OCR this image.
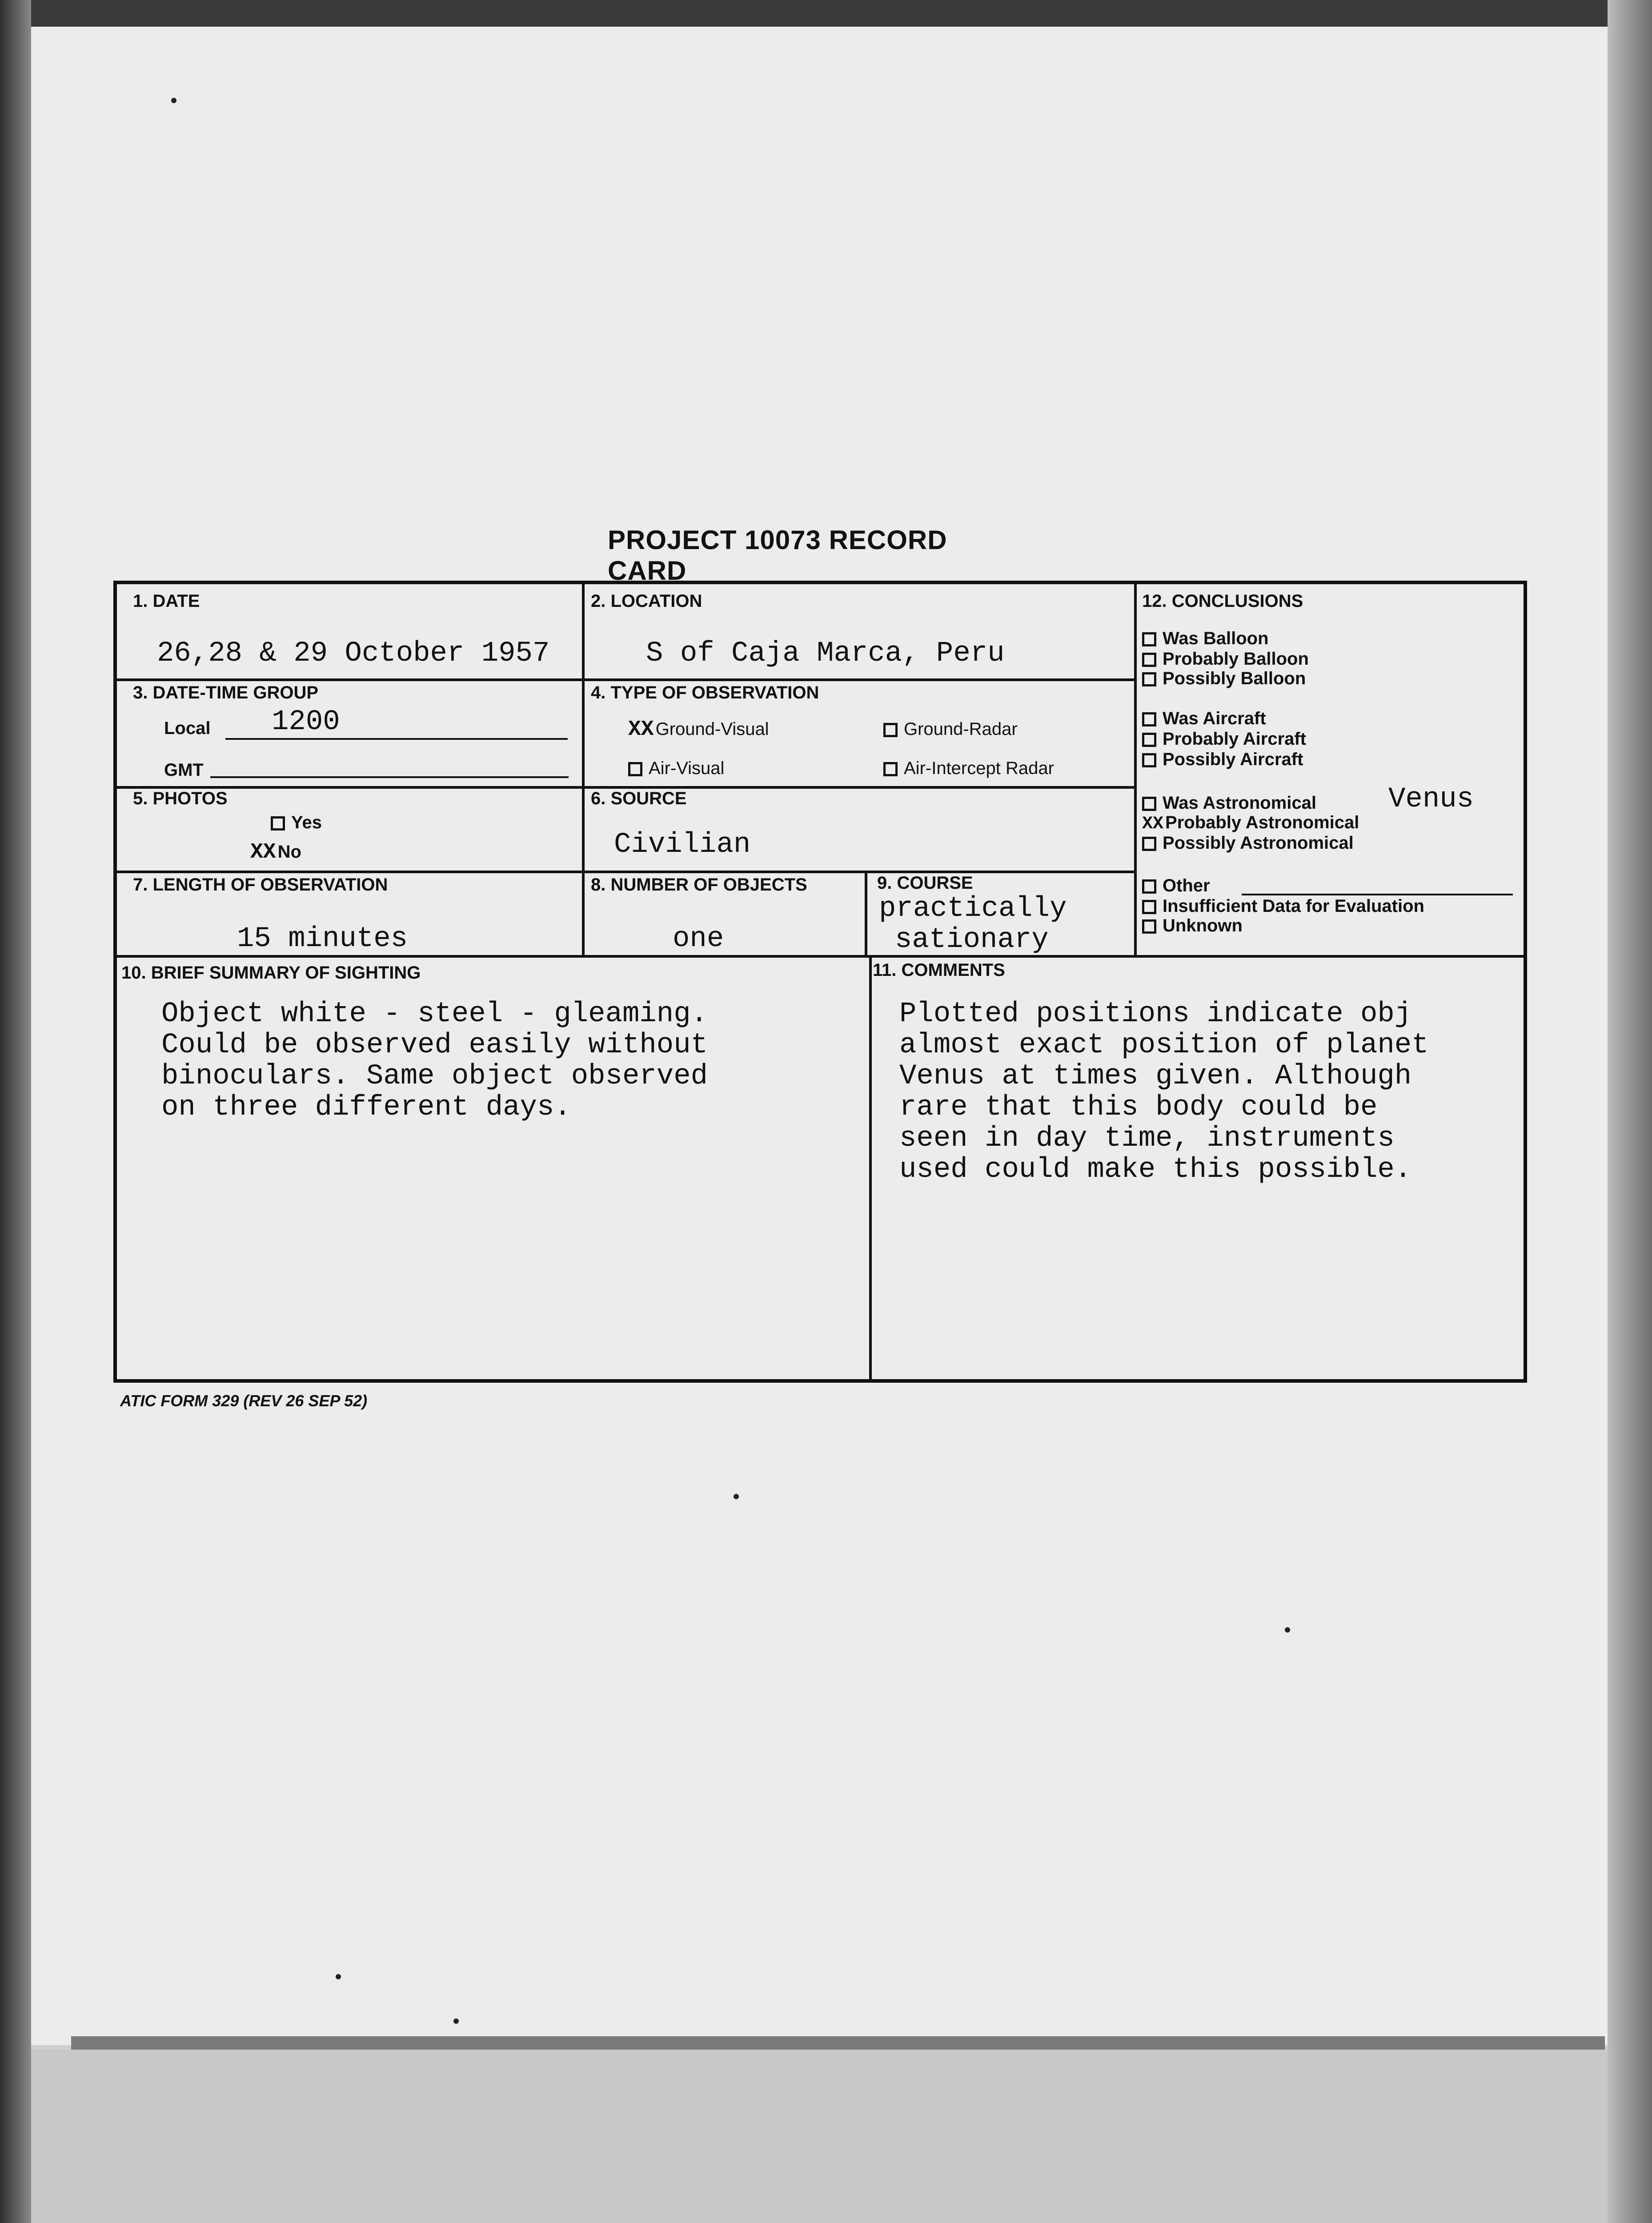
PROJECT 10073 RECORD CARD
1. DATE
26,28 & 29 October 1957
2. LOCATION
S of Caja Marca, Peru
3. DATE-TIME GROUP
Local 1200
GMT
4. TYPE OF OBSERVATION
XX Ground-Visual	Ground-Radar
Air-Visual	Air-Intercept Radar
5. PHOTOS
Yes
XX No
6. SOURCE
Civilian
7. LENGTH OF OBSERVATION
15 minutes
8. NUMBER OF OBJECTS
one
9. COURSE
practically
sationary
10. BRIEF SUMMARY OF SIGHTING
Object white - steel - gleaming.
Could be observed easily without
binoculars. Same object observed
on three different days.
11. COMMENTS
Plotted positions indicate obj
almost exact position of planet
Venus at times given. Although
rare that this body could be
seen in day time, instruments
used could make this possible.
12. CONCLUSIONS
Was Balloon
Probably Balloon
Possibly Balloon
Was Aircraft
Probably Aircraft
Possibly Aircraft
Was Astronomical	Venus
XX Probably Astronomical
Possibly Astronomical
Other
Insufficient Data for Evaluation
Unknown
ATIC FORM 329 (REV 26 SEP 52)
